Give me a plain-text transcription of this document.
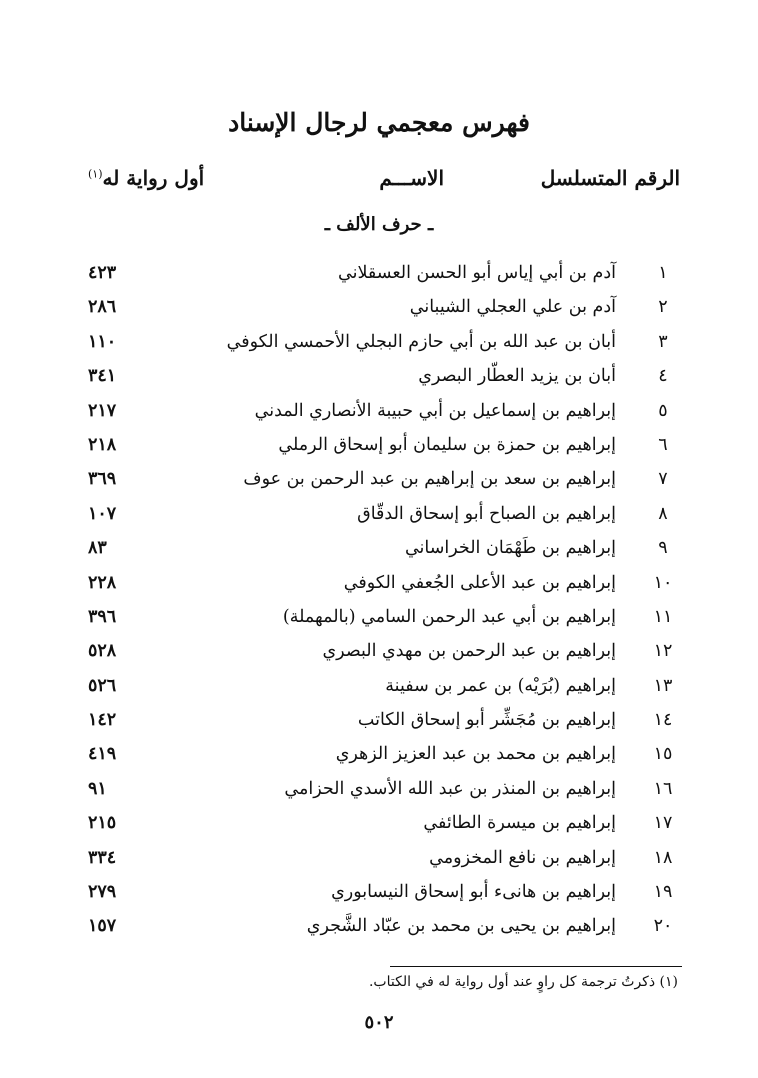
فهرس معجمي لرجال الإسناد
الرقم المتسلسل
الاســـم
أول رواية له$^{(١)}$
ـ حرف الألف ـ
١
آدم بن أبي إياس أبو الحسن العسقلاني
٤٢٣
٢
آدم بن علي العجلي الشيباني
٢٨٦
٣
أبان بن عبد الله بن أبي حازم البجلي الأحمسي الكوفي
١١٠
٤
أبان بن يزيد العطّار البصري
٣٤١
٥
إبراهيم بن إسماعيل بن أبي حبيبة الأنصاري المدني
٢١٧
٦
إبراهيم بن حمزة بن سليمان أبو إسحاق الرملي
٢١٨
٧
إبراهيم بن سعد بن إبراهيم بن عبد الرحمن بن عوف
٣٦٩
٨
إبراهيم بن الصباح أبو إسحاق الدقّاق
١٠٧
٩
إبراهيم بن طَهْمَان الخراساني
٨٣
١٠
إبراهيم بن عبد الأعلى الجُعفي الكوفي
٢٢٨
١١
إبراهيم بن أبي عبد الرحمن السامي (بالمهملة)
٣٩٦
١٢
إبراهيم بن عبد الرحمن بن مهدي البصري
٥٢٨
١٣
إبراهيم (بُرَيْه) بن عمر بن سفينة
٥٢٦
١٤
إبراهيم بن مُجَشِّر أبو إسحاق الكاتب
١٤٢
١٥
إبراهيم بن محمد بن عبد العزيز الزهري
٤١٩
١٦
إبراهيم بن المنذر بن عبد الله الأسدي الحزامي
٩١
١٧
إبراهيم بن ميسرة الطائفي
٢١٥
١٨
إبراهيم بن نافع المخزومي
٣٣٤
١٩
إبراهيم بن هانىء أبو إسحاق النيسابوري
٢٧٩
٢٠
إبراهيم بن يحيى بن محمد بن عبّاد الشَّجري
١٥٧
(١) ذكرتُ ترجمة كل راوٍ عند أول رواية له في الكتاب.
٥٠٢
